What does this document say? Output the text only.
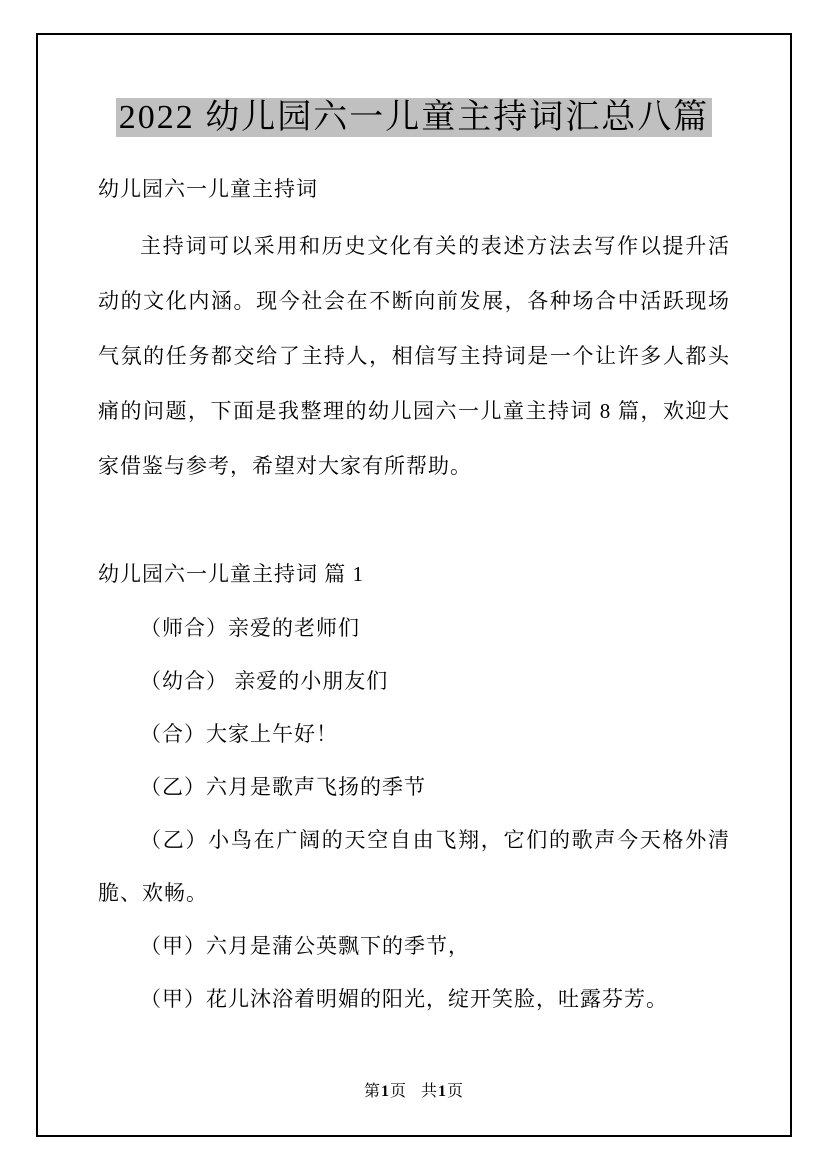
2022 幼儿园六一儿童主持词汇总八篇

幼儿园六一儿童主持词

主持词可以采用和历史文化有关的表述方法去写作以提升活动的文化内涵。现今社会在不断向前发展，各种场合中活跃现场气氛的任务都交给了主持人，相信写主持词是一个让许多人都头痛的问题，下面是我整理的幼儿园六一儿童主持词 8 篇，欢迎大家借鉴与参考，希望对大家有所帮助。

幼儿园六一儿童主持词 篇 1

（师合）亲爱的老师们

（幼合） 亲爱的小朋友们

（合）大家上午好！

（乙）六月是歌声飞扬的季节

（乙）小鸟在广阔的天空自由飞翔，它们的歌声今天格外清脆、欢畅。

（甲）六月是蒲公英飘下的季节，

（甲）花儿沐浴着明媚的阳光，绽开笑脸，吐露芬芳。

第1页 共1页
